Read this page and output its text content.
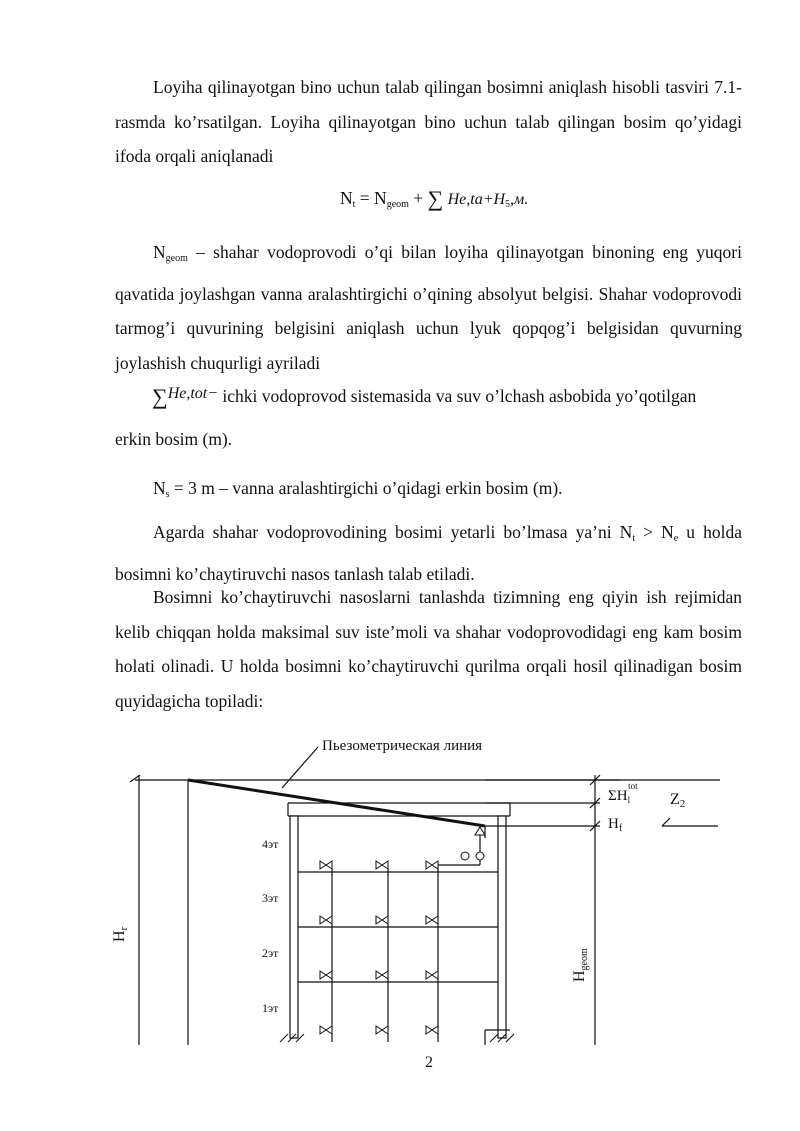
Loyiha qilinayotgan bino uchun talab qilingan bosimni aniqlash hisobli tasviri 7.1-rasmda ko’rsatilgan. Loyiha qilinayotgan bino uchun talab qilingan bosim qo’yidagi ifoda orqali aniqlanadi

$N_t = N_{geom}$ + ∑ $He,ta+H_5,м$.

$N_{geom}$ – shahar vodoprovodi o’qi bilan loyiha qilinayotgan binoning eng yuqori qavatida joylashgan vanna aralashtirgichi o’qining absolyut belgisi. Shahar vodoprovodi tarmog’i quvurining belgisini aniqlash uchun lyuk qopqog’i belgisidan quvurning joylashish chuqurligi ayriladi

∑He,tot− ichki vodoprovod sistemasida va suv o’lchash asbobida yo’qotilgan

erkin bosim (m).

$N_s = 3$ m – vanna aralashtirgichi o’qidagi erkin bosim (m).

Agarda shahar vodoprovodining bosimi yetarli bo’lmasa ya’ni $N_t > N_e$ u holda bosimni ko’chaytiruvchi nasos tanlash talab etiladi.

Bosimni ko’chaytiruvchi nasoslarni tanlashda tizimning eng qiyin ish rejimidan kelib chiqqan holda maksimal suv iste’moli va shahar vodoprovodidagi eng kam bosim holati olinadi. U holda bosimni ko’chaytiruvchi qurilma orqali hosil qilinadigan bosim quyidagicha topiladi:

Пьезометрическая линия
4эт
3эт
2эт
1эт
$\Sigma H_ltot$
$H_f$
Z2
Hr
Hgeom
2
